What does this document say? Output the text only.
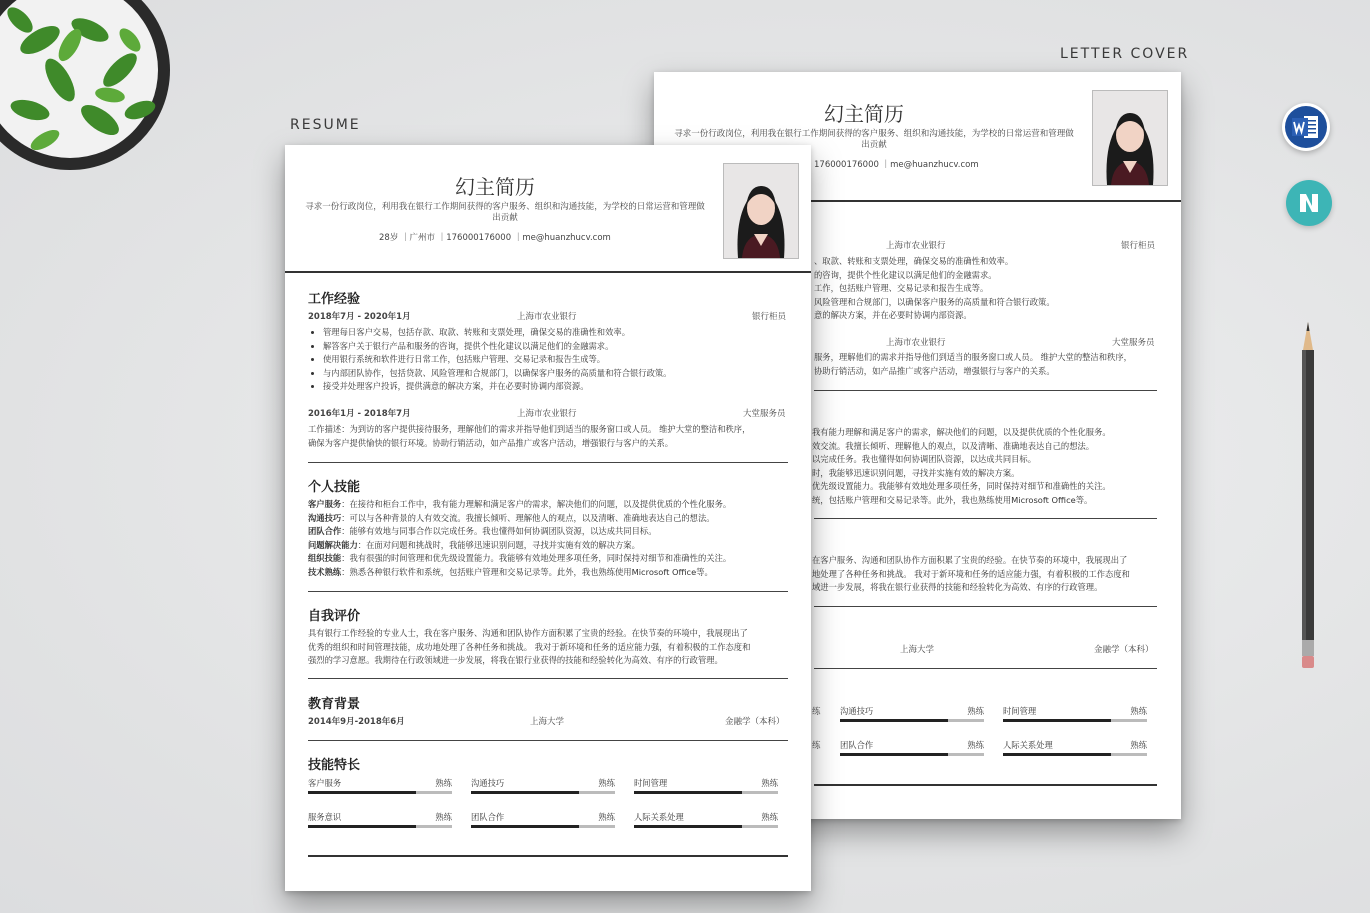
RESUME
LETTER COVER
幻主简历
寻求一份行政岗位，利用我在银行工作期间获得的客户服务、组织和沟通技能，为学校的日常运营和管理做出贡献
176000176000 ｜me@huanzhucv.com
上海市农业银行	银行柜员
、取款、转账和支票处理，确保交易的准确性和效率。
的咨询，提供个性化建议以满足他们的金融需求。
工作，包括账户管理、交易记录和报告生成等。
风险管理和合规部门，以确保客户服务的高质量和符合银行政策。
意的解决方案，并在必要时协调内部资源。
上海市农业银行	大堂服务员
服务，理解他们的需求并指导他们到适当的服务窗口或人员。 维护大堂的整洁和秩序，
协助行销活动，如产品推广或客户活动，增强银行与客户的关系。
我有能力理解和满足客户的需求，解决他们的问题，以及提供优质的个性化服务。
效交流。我擅长倾听、理解他人的观点，以及清晰、准确地表达自己的想法。
以完成任务。我也懂得如何协调团队资源，以达成共同目标。
时，我能够迅速识别问题，寻找并实施有效的解决方案。
优先级设置能力。我能够有效地处理多项任务，同时保持对细节和准确性的关注。
统，包括账户管理和交易记录等。此外，我也熟练使用Microsoft Office等。
在客户服务、沟通和团队协作方面积累了宝贵的经验。在快节奏的环境中，我展现出了
地处理了各种任务和挑战。 我对于新环境和任务的适应能力强，有着积极的工作态度和
域进一步发展，将我在银行业获得的技能和经验转化为高效、有序的行政管理。
上海大学	金融学（本科）
练
练
沟通技巧	熟练 时间管理	熟练
团队合作	熟练 人际关系处理	熟练
幻主简历
寻求一份行政岗位，利用我在银行工作期间获得的客户服务、组织和沟通技能，为学校的日常运营和管理做出贡献
28岁 ｜广州市 ｜176000176000 ｜me@huanzhucv.com
工作经验
2018年7月 - 2020年1月	上海市农业银行	银行柜员
• 管理每日客户交易，包括存款、取款、转账和支票处理，确保交易的准确性和效率。
• 解答客户关于银行产品和服务的咨询，提供个性化建议以满足他们的金融需求。
• 使用银行系统和软件进行日常工作，包括账户管理、交易记录和报告生成等。
• 与内部团队协作，包括贷款、风险管理和合规部门，以确保客户服务的高质量和符合银行政策。
• 接受并处理客户投诉，提供满意的解决方案，并在必要时协调内部资源。
2016年1月 - 2018年7月	上海市农业银行	大堂服务员
工作描述：为到访的客户提供接待服务，理解他们的需求并指导他们到适当的服务窗口或人员。 维护大堂的整洁和秩序，
确保为客户提供愉快的银行环境。协助行销活动，如产品推广或客户活动，增强银行与客户的关系。
个人技能
客户服务：在接待和柜台工作中，我有能力理解和满足客户的需求，解决他们的问题，以及提供优质的个性化服务。
沟通技巧：可以与各种背景的人有效交流。我擅长倾听、理解他人的观点，以及清晰、准确地表达自己的想法。
团队合作：能够有效地与同事合作以完成任务。我也懂得如何协调团队资源，以达成共同目标。
问题解决能力：在面对问题和挑战时，我能够迅速识别问题，寻找并实施有效的解决方案。
组织技能：我有很强的时间管理和优先级设置能力。我能够有效地处理多项任务，同时保持对细节和准确性的关注。
技术熟练：熟悉各种银行软件和系统，包括账户管理和交易记录等。此外，我也熟练使用Microsoft Office等。
自我评价
具有银行工作经验的专业人士，我在客户服务、沟通和团队协作方面积累了宝贵的经验。在快节奏的环境中，我展现出了
优秀的组织和时间管理技能，成功地处理了各种任务和挑战。 我对于新环境和任务的适应能力强，有着积极的工作态度和
强烈的学习意愿。我期待在行政领域进一步发展，将我在银行业获得的技能和经验转化为高效、有序的行政管理。
教育背景
2014年9月-2018年6月	上海大学	金融学（本科）
技能特长
客户服务	熟练 沟通技巧	熟练 时间管理	熟练
服务意识	熟练 团队合作	熟练 人际关系处理	熟练
